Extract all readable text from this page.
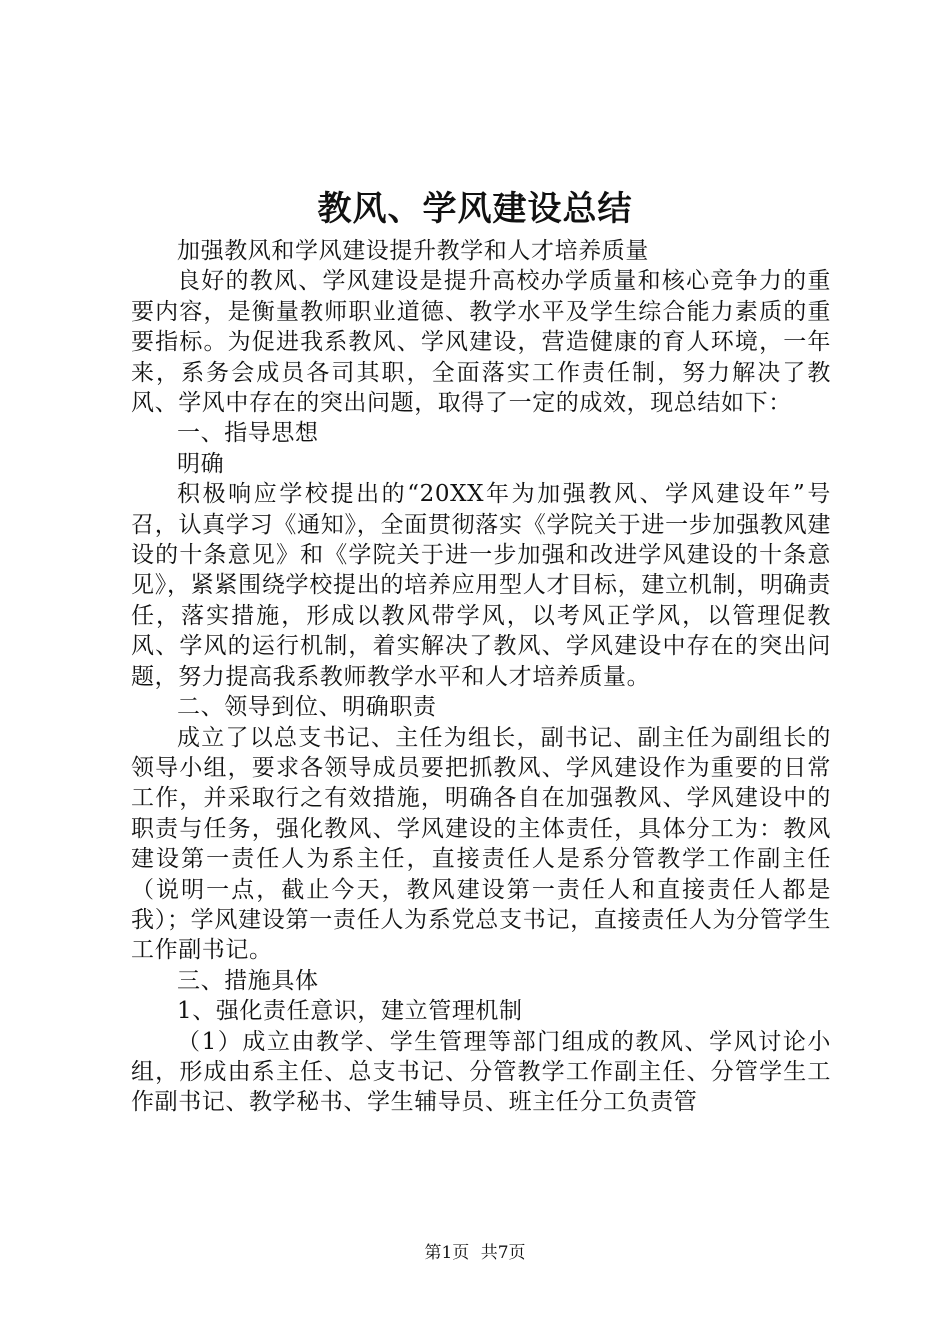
教风、学风建设总结

加强教风和学风建设提升教学和人才培养质量

良好的教风、学风建设是提升高校办学质量和核心竞争力的重要内容，是衡量教师职业道德、教学水平及学生综合能力素质的重要指标。为促进我系教风、学风建设，营造健康的育人环境，一年来，系务会成员各司其职，全面落实工作责任制，努力解决了教风、学风中存在的突出问题，取得了一定的成效，现总结如下：

一、指导思想

明确

积极响应学校提出的“20XX年为加强教风、学风建设年”号召，认真学习《通知》，全面贯彻落实《学院关于进一步加强教风建设的十条意见》和《学院关于进一步加强和改进学风建设的十条意见》，紧紧围绕学校提出的培养应用型人才目标，建立机制，明确责任，落实措施，形成以教风带学风，以考风正学风，以管理促教风、学风的运行机制，着实解决了教风、学风建设中存在的突出问题，努力提高我系教师教学水平和人才培养质量。

二、领导到位、明确职责

成立了以总支书记、主任为组长，副书记、副主任为副组长的领导小组，要求各领导成员要把抓教风、学风建设作为重要的日常工作，并采取行之有效措施，明确各自在加强教风、学风建设中的职责与任务，强化教风、学风建设的主体责任，具体分工为：教风建设第一责任人为系主任，直接责任人是系分管教学工作副主任（说明一点，截止今天，教风建设第一责任人和直接责任人都是我）；学风建设第一责任人为系党总支书记，直接责任人为分管学生工作副书记。

三、措施具体

1、强化责任意识，建立管理机制

（1）成立由教学、学生管理等部门组成的教风、学风讨论小组，形成由系主任、总支书记、分管教学工作副主任、分管学生工作副书记、教学秘书、学生辅导员、班主任分工负责管

第1页 共7页
